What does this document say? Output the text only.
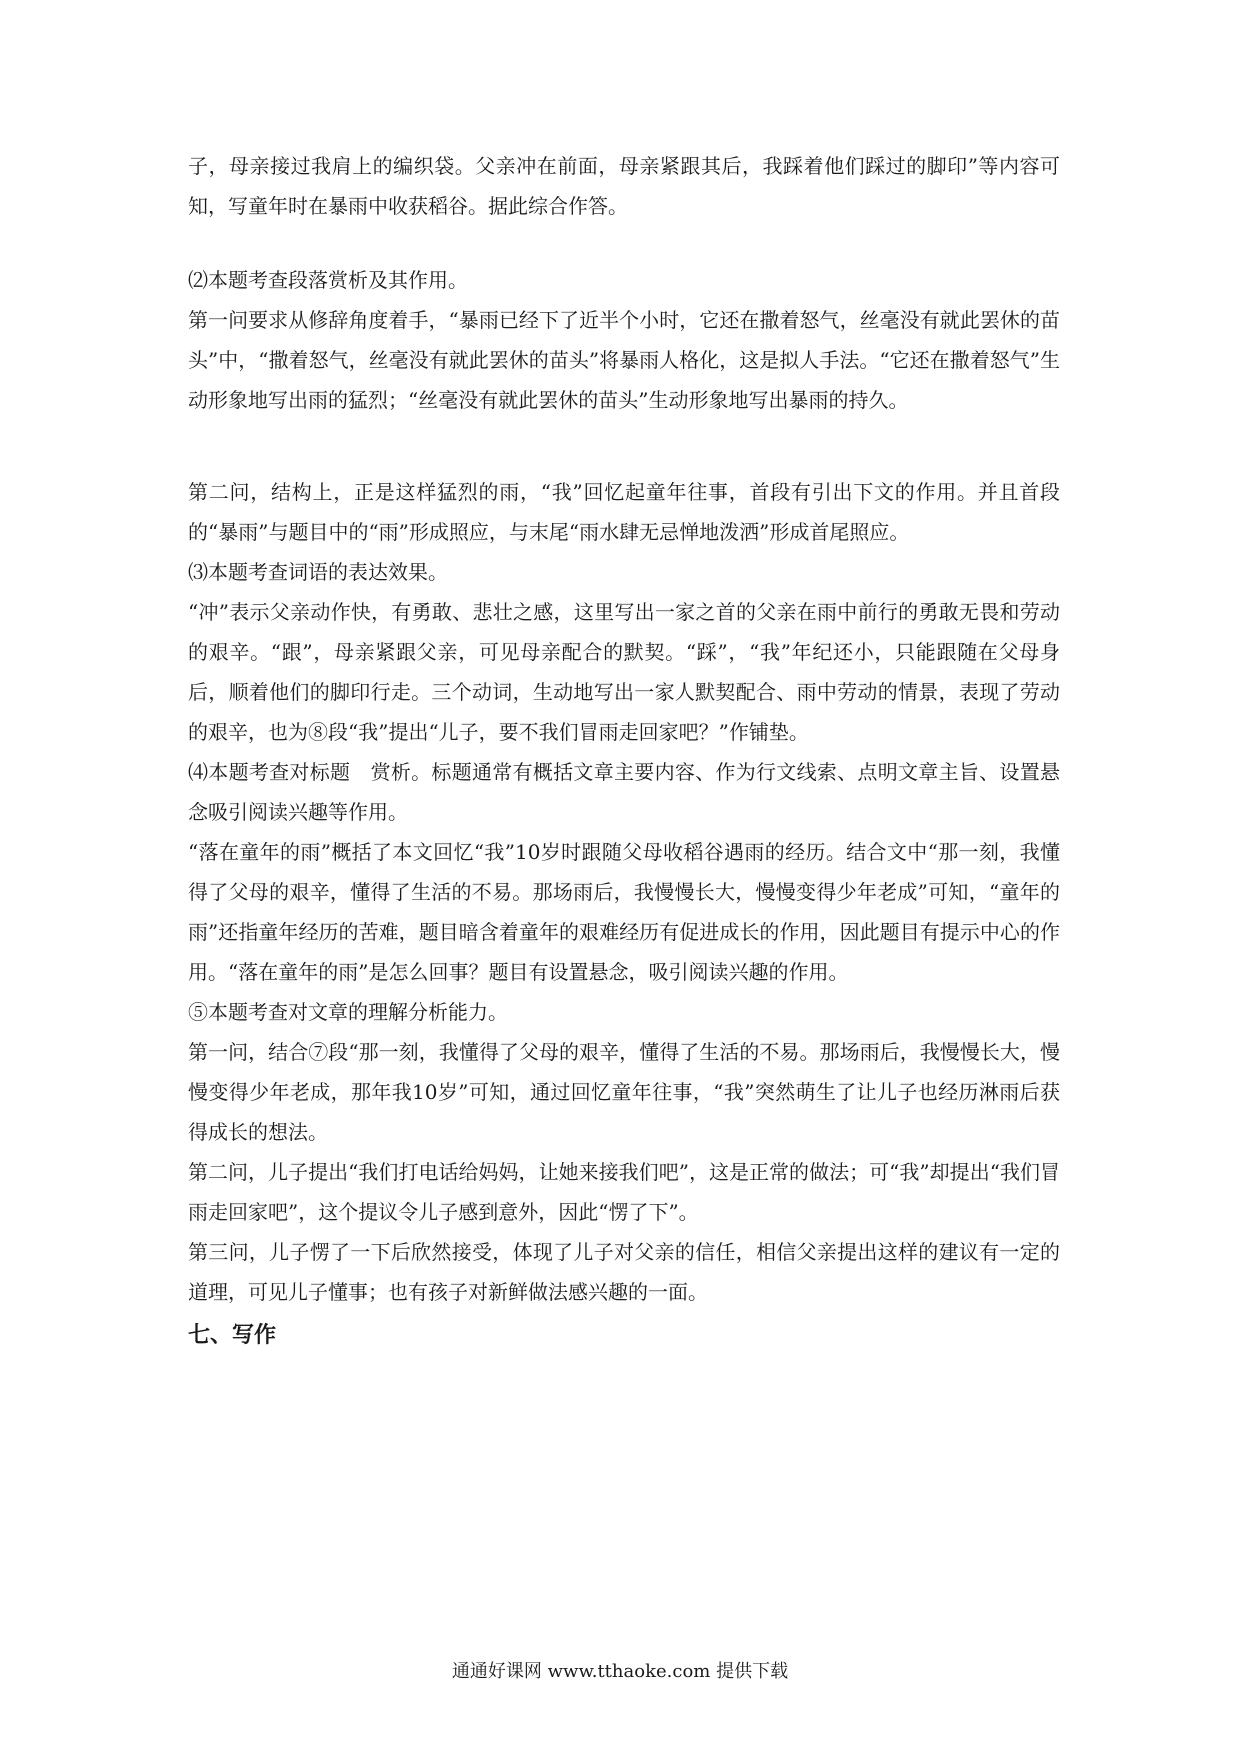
子，母亲接过我肩上的编织袋。父亲冲在前面，母亲紧跟其后，我踩着他们踩过的脚印”等内容可知，写童年时在暴雨中收获稻谷。据此综合作答。

⑵本题考查段落赏析及其作用。

第一问要求从修辞角度着手，“暴雨已经下了近半个小时，它还在撒着怒气，丝毫没有就此罢休的苗头”中，“撒着怒气，丝毫没有就此罢休的苗头”将暴雨人格化，这是拟人手法。“它还在撒着怒气”生动形象地写出雨的猛烈；“丝毫没有就此罢休的苗头”生动形象地写出暴雨的持久。

第二问，结构上，正是这样猛烈的雨，“我”回忆起童年往事，首段有引出下文的作用。并且首段的“暴雨”与题目中的“雨”形成照应，与末尾“雨水肆无忌惮地泼洒”形成首尾照应。

⑶本题考查词语的表达效果。

“冲”表示父亲动作快，有勇敢、悲壮之感，这里写出一家之首的父亲在雨中前行的勇敢无畏和劳动的艰辛。“跟”，母亲紧跟父亲，可见母亲配合的默契。“踩”，“我”年纪还小，只能跟随在父母身后，顺着他们的脚印行走。三个动词，生动地写出一家人默契配合、雨中劳动的情景，表现了劳动的艰辛，也为⑧段“我”提出“儿子，要不我们冒雨走回家吧？”作铺垫。

⑷本题考查对标题　赏析。标题通常有概括文章主要内容、作为行文线索、点明文章主旨、设置悬念吸引阅读兴趣等作用。

“落在童年的雨”概括了本文回忆“我”10岁时跟随父母收稻谷遇雨的经历。结合文中“那一刻，我懂得了父母的艰辛，懂得了生活的不易。那场雨后，我慢慢长大，慢慢变得少年老成”可知，“童年的雨”还指童年经历的苦难，题目暗含着童年的艰难经历有促进成长的作用，因此题目有提示中心的作用。“落在童年的雨”是怎么回事？题目有设置悬念，吸引阅读兴趣的作用。

⑤本题考查对文章的理解分析能力。

第一问，结合⑦段“那一刻，我懂得了父母的艰辛，懂得了生活的不易。那场雨后，我慢慢长大，慢慢变得少年老成，那年我10岁”可知，通过回忆童年往事，“我”突然萌生了让儿子也经历淋雨后获得成长的想法。

第二问，儿子提出“我们打电话给妈妈，让她来接我们吧”，这是正常的做法；可“我”却提出“我们冒雨走回家吧”，这个提议令儿子感到意外，因此“愣了下”。

第三问，儿子愣了一下后欣然接受，体现了儿子对父亲的信任，相信父亲提出这样的建议有一定的道理，可见儿子懂事；也有孩子对新鲜做法感兴趣的一面。

七、写作
通通好课网 www.tthaoke.com 提供下载
